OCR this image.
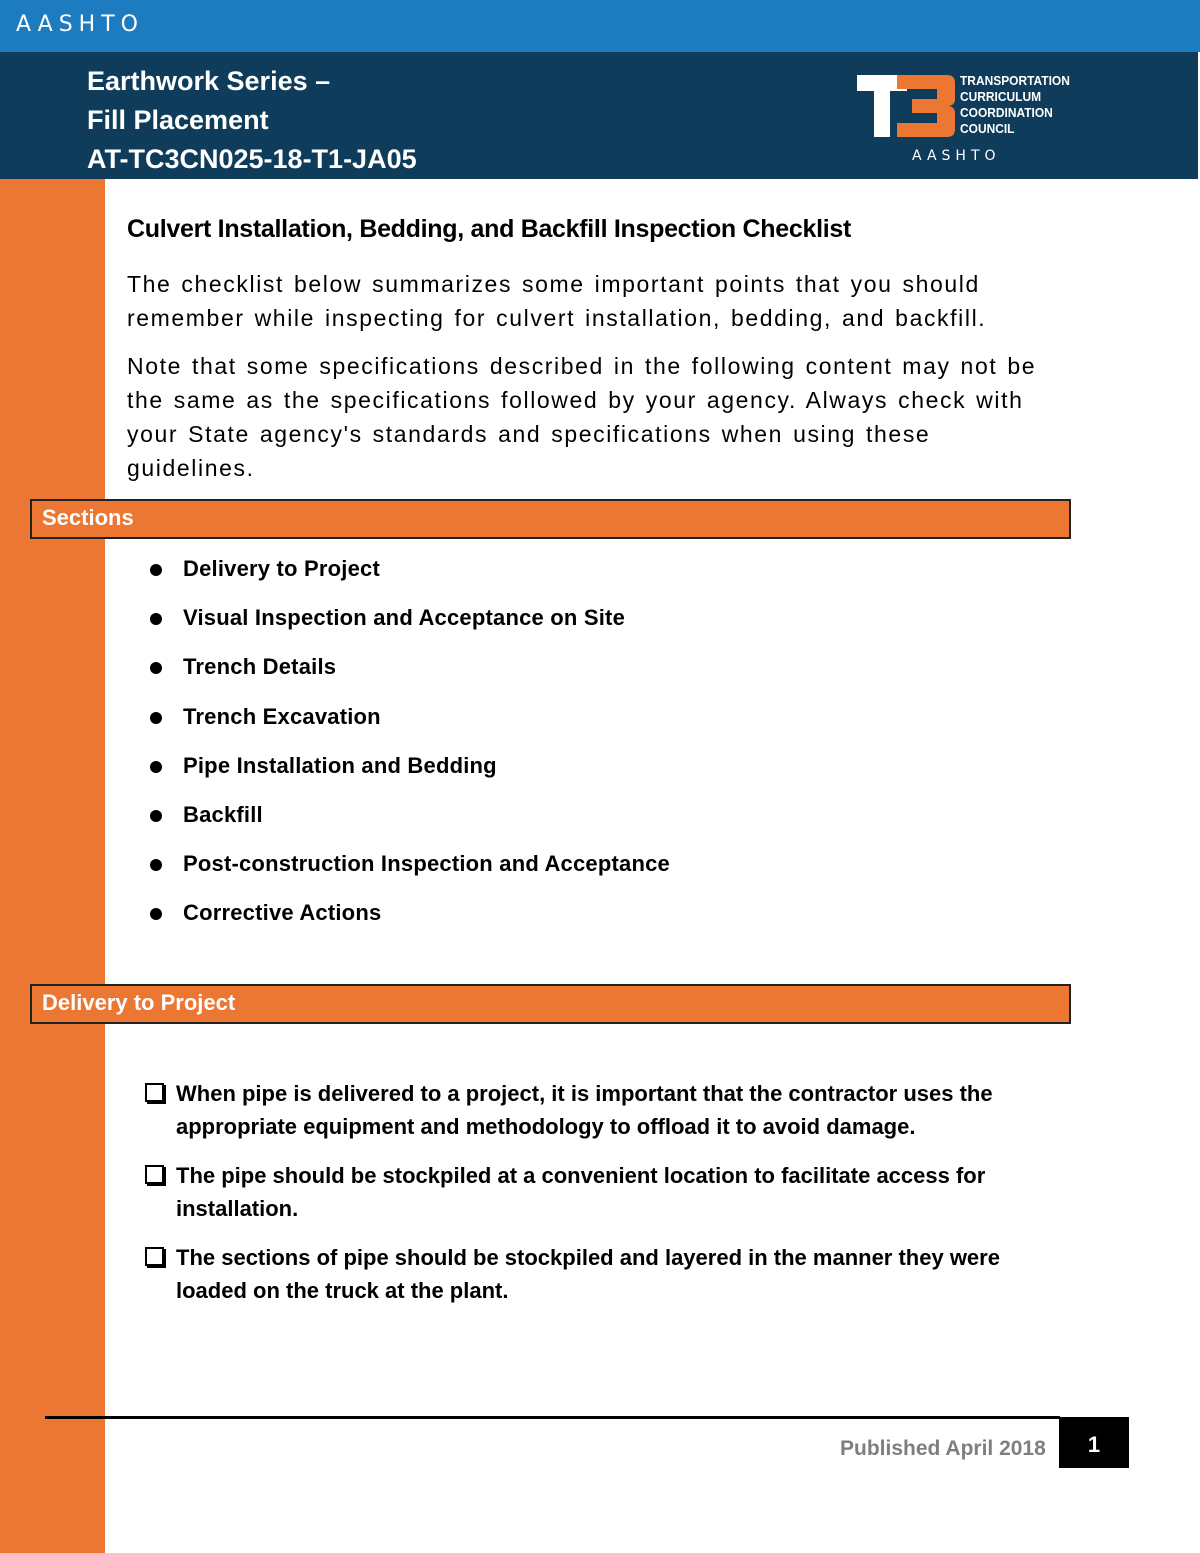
AASHTO
Earthwork Series –
Fill Placement
AT-TC3CN025-18-T1-JA05
TRANSPORTATION
CURRICULUM
COORDINATION
COUNCIL
AASHTO
Culvert Installation, Bedding, and Backfill Inspection Checklist

The checklist below summarizes some important points that you should remember while inspecting for culvert installation, bedding, and backfill.

Note that some specifications described in the following content may not be the same as the specifications followed by your agency. Always check with your State agency's standards and specifications when using these guidelines.

Sections
Delivery to Project
Visual Inspection and Acceptance on Site
Trench Details
Trench Excavation
Pipe Installation and Bedding
Backfill
Post-construction Inspection and Acceptance
Corrective Actions
Delivery to Project
When pipe is delivered to a project, it is important that the contractor uses the appropriate equipment and methodology to offload it to avoid damage.
The pipe should be stockpiled at a convenient location to facilitate access for installation.
The sections of pipe should be stockpiled and layered in the manner they were loaded on the truck at the plant.
Published April 2018	1
